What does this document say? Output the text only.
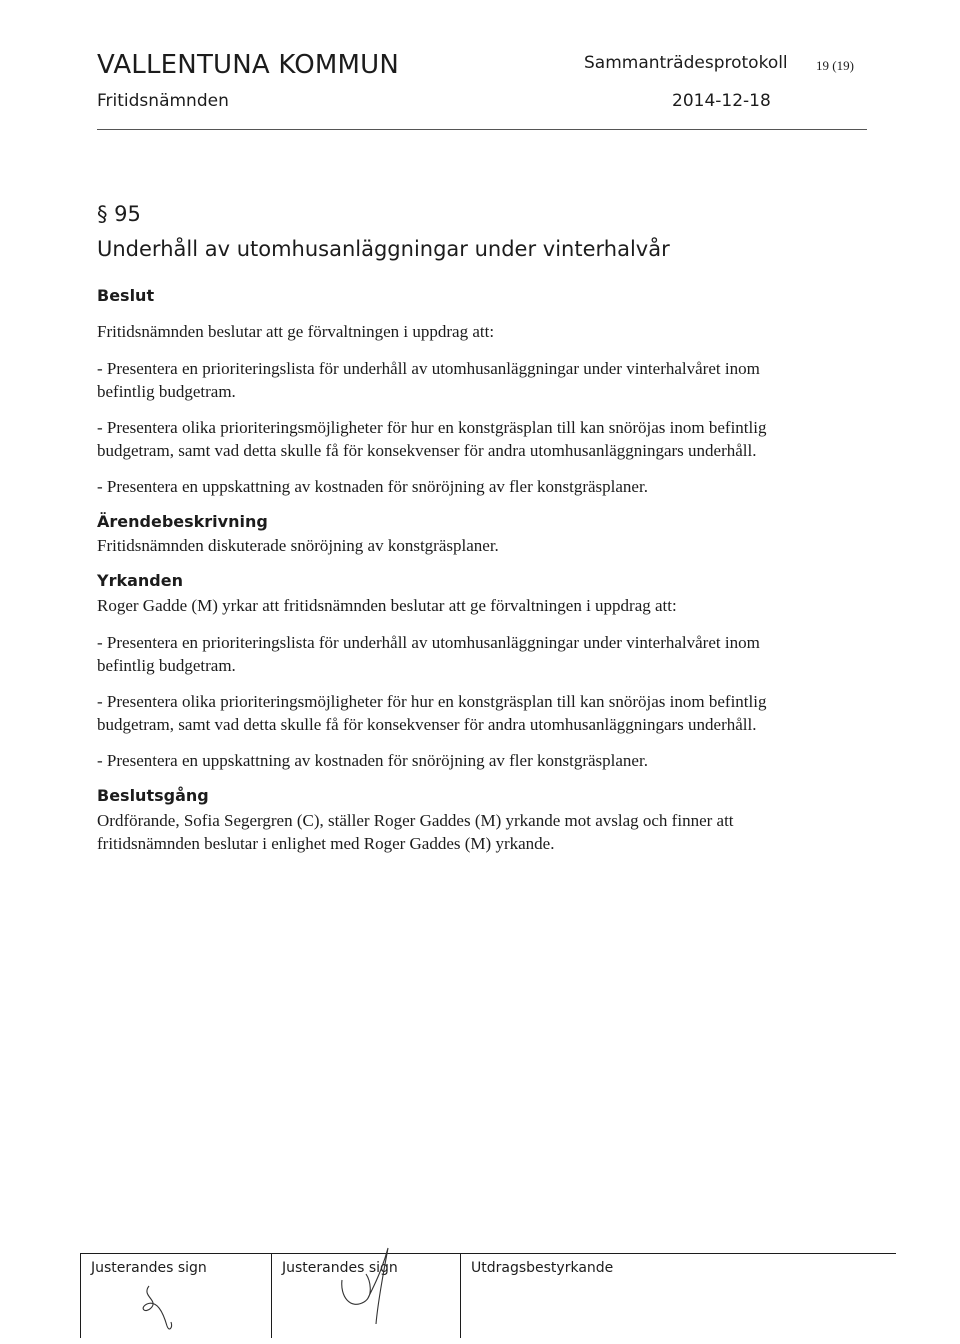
VALLENTUNA KOMMUN	Sammanträdesprotokoll 19 (19)
Fritidsnämnden	2014-12-18
§ 95
Underhåll av utomhusanläggningar under vinterhalvår
Beslut
Fritidsnämnden beslutar att ge förvaltningen i uppdrag att:
- Presentera en prioriteringslista för underhåll av utomhusanläggningar under vinterhalvåret inom
befintlig budgetram.
- Presentera olika prioriteringsmöjligheter för hur en konstgräsplan till kan snöröjas inom befintlig
budgetram, samt vad detta skulle få för konsekvenser för andra utomhusanläggningars underhåll.
- Presentera en uppskattning av kostnaden för snöröjning av fler konstgräsplaner.
Ärendebeskrivning
Fritidsnämnden diskuterade snöröjning av konstgräsplaner.
Yrkanden
Roger Gadde (M) yrkar att fritidsnämnden beslutar att ge förvaltningen i uppdrag att:
- Presentera en prioriteringslista för underhåll av utomhusanläggningar under vinterhalvåret inom
befintlig budgetram.
- Presentera olika prioriteringsmöjligheter för hur en konstgräsplan till kan snöröjas inom befintlig
budgetram, samt vad detta skulle få för konsekvenser för andra utomhusanläggningars underhåll.
- Presentera en uppskattning av kostnaden för snöröjning av fler konstgräsplaner.
Beslutsgång
Ordförande, Sofia Segergren (C), ställer Roger Gaddes (M) yrkande mot avslag och finner att
fritidsnämnden beslutar i enlighet med Roger Gaddes (M) yrkande.
Justerandes sign	Justerandes sign	Utdragsbestyrkande
